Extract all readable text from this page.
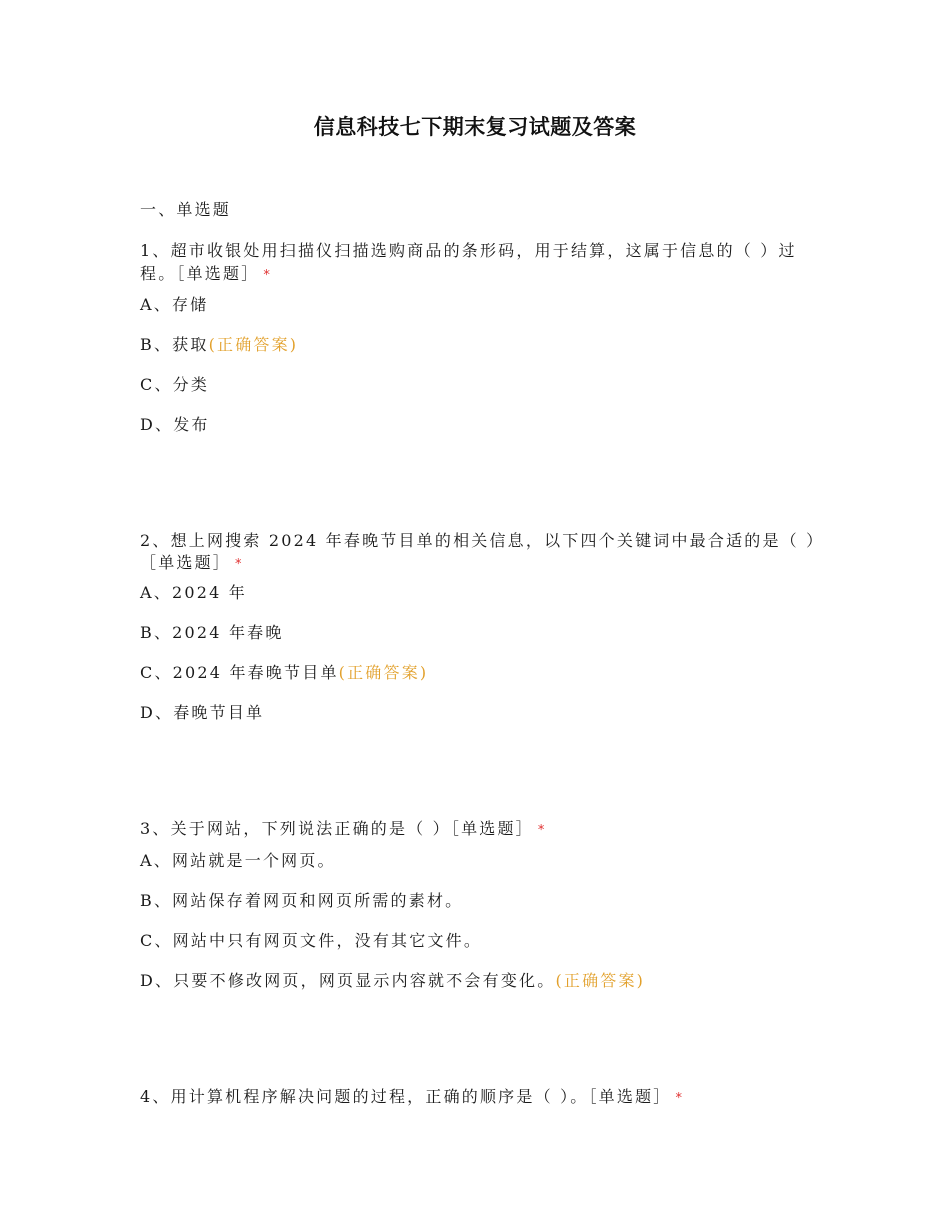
信息科技七下期末复习试题及答案
一、单选题
1、超市收银处用扫描仪扫描选购商品的条形码，用于结算，这属于信息的（ ）过
程。［单选题］ *
A、存储
B、获取(正确答案)
C、分类
D、发布
2、想上网搜索 2024 年春晚节目单的相关信息，以下四个关键词中最合适的是（ ）
［单选题］ *
A、2024 年
B、2024 年春晚
C、2024 年春晚节目单(正确答案)
D、春晚节目单
3、关于网站，下列说法正确的是（ ）［单选题］ *
A、网站就是一个网页。
B、网站保存着网页和网页所需的素材。
C、网站中只有网页文件，没有其它文件。
D、只要不修改网页，网页显示内容就不会有变化。(正确答案)
4、用计算机程序解决问题的过程，正确的顺序是（ ）。［单选题］ *
